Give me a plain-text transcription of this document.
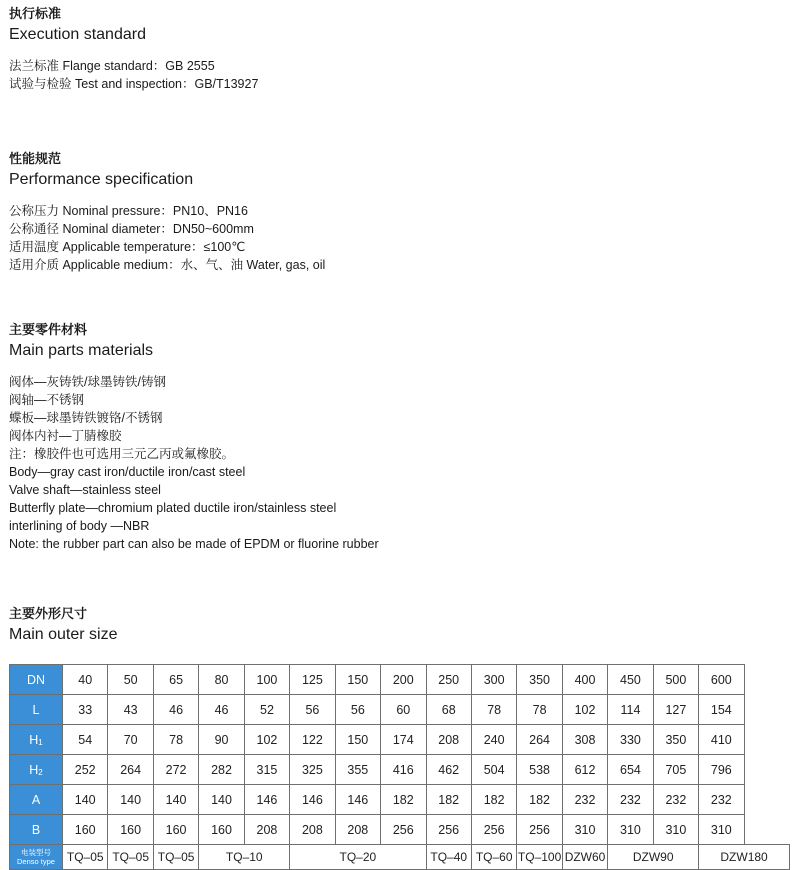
执行标准

Execution standard

法兰标准 Flange standard：GB 2555
试验与检验 Test and inspection：GB/T13927

性能规范

Performance specification

公称压力 Nominal pressure：PN10、PN16
公称通径 Nominal diameter：DN50~600mm
适用温度 Applicable temperature：≤100℃
适用介质 Applicable medium：水、气、油 Water, gas, oil

主要零件材料

Main parts materials

阀体—灰铸铁/球墨铸铁/铸钢
阀轴—不锈钢
蝶板—球墨铸铁镀铬/不锈钢
阀体内衬—丁腈橡胶
注：橡胶件也可选用三元乙丙或氟橡胶。
Body—gray cast iron/ductile iron/cast steel
Valve shaft—stainless steel
Butterfly plate—chromium plated ductile iron/stainless steel
interlining of body —NBR
Note: the rubber part can also be made of EPDM or fluorine rubber

主要外形尺寸

Main outer size

DN	40	50	65	80	100	125	150	200	250	300	350	400	450	500	600
L	33	43	46	46	52	56	56	60	68	78	78	102	114	127	154
H1	54	70	78	90	102	122	150	174	208	240	264	308	330	350	410
H2	252	264	272	282	315	325	355	416	462	504	538	612	654	705	796
A	140	140	140	140	146	146	146	182	182	182	182	232	232	232	232
B	160	160	160	160	208	208	208	256	256	256	256	310	310	310	310

电装型号
Denso type	TQ–05	TQ–05	TQ–05	TQ–10		TQ–20			TQ–40	TQ–60	TQ–100	DZW60	DZW90		DZW180
